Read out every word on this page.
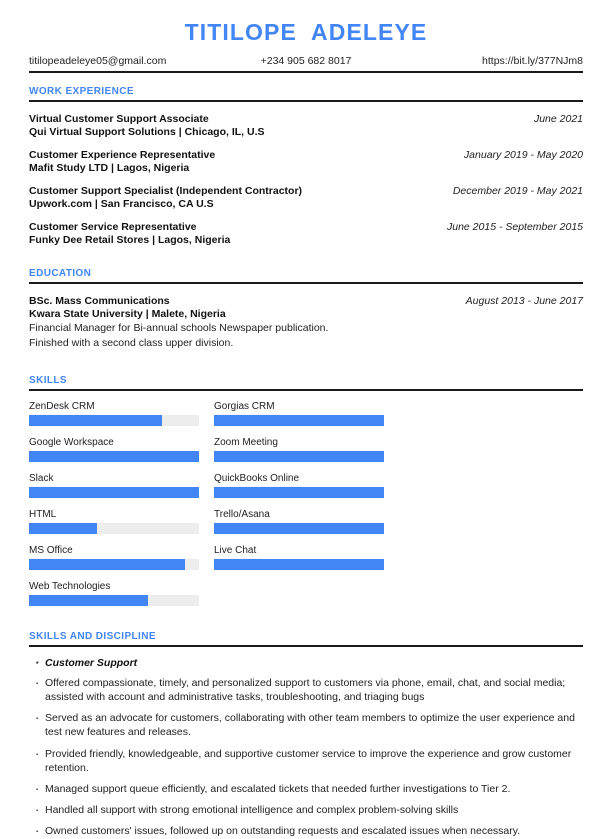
TITILOPE  ADELEYE
titilopeadeleye05@gmail.com	+234 905 682 8017	https://bit.ly/377NJm8
WORK EXPERIENCE
Virtual Customer Support Associate	June 2021
Qui Virtual Support Solutions | Chicago, IL, U.S
Customer Experience Representative	January 2019 - May 2020
Mafit Study LTD | Lagos, Nigeria
Customer Support Specialist (Independent Contractor)	December 2019 - May 2021
Upwork.com | San Francisco, CA U.S
Customer Service Representative	June 2015 - September 2015
Funky Dee Retail Stores | Lagos, Nigeria
EDUCATION
BSc. Mass Communications	August 2013 - June 2017
Kwara State University | Malete, Nigeria
Financial Manager for Bi-annual schools Newspaper publication.
Finished with a second class upper division.
SKILLS
ZenDesk CRM	Gorgias CRM
Google Workspace	Zoom Meeting
Slack	QuickBooks Online
HTML	Trello/Asana
MS Office	Live Chat
Web Technologies
SKILLS AND DISCIPLINE
· Customer Support
· Offered compassionate, timely, and personalized support to customers via phone, email, chat, and social media; assisted with account and administrative tasks, troubleshooting, and triaging bugs
· Served as an advocate for customers, collaborating with other team members to optimize the user experience and test new features and releases.
· Provided friendly, knowledgeable, and supportive customer service to improve the experience and grow customer retention.
· Managed support queue efficiently, and escalated tickets that needed further investigations to Tier 2.
· Handled all support with strong emotional intelligence and complex problem-solving skills
· Owned customers' issues, followed up on outstanding requests and escalated issues when necessary.
